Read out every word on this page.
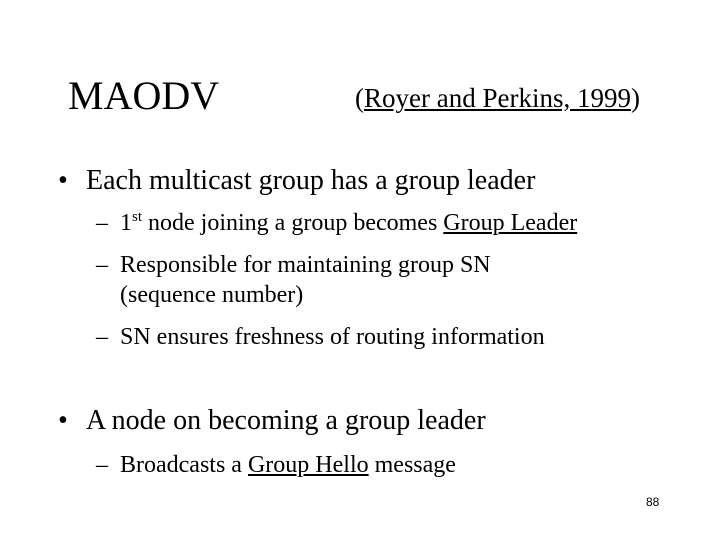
MAODV	(Royer and Perkins, 1999)
• Each multicast group has a group leader
– 1st node joining a group becomes Group Leader
– Responsible for maintaining group SN
(sequence number)
– SN ensures freshness of routing information
• A node on becoming a group leader
– Broadcasts a Group Hello message
88
